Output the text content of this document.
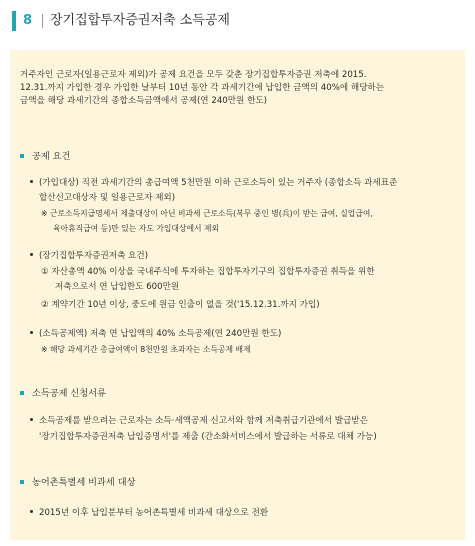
8 장기집합투자증권저축 소득공제
거주자인 근로자(일용근로자 제외)가 공제 요건을 모두 갖춘 장기집합투자증권 저축에 2015.
12.31.까지 가입한 경우 가입한 날부터 10년 동안 각 과세기간에 납입한 금액의 40%에 해당하는
금액을 해당 과세기간의 종합소득금액에서 공제(연 240만원 한도)
공제 요건
(가입대상) 직전 과세기간의 총급여액 5천만원 이하 근로소득이 있는 거주자 (종합소득 과세표준
합산신고대상자 및 일용근로자 제외)
※ 근로소득지급명세서 제출대상이 아닌 비과세 근로소득(복무 중인 병(兵)이 받는 급여, 실업급여,
육아휴직급여 등)만 있는 자도 가입대상에서 제외
(장기집합투자증권저축 요건)
① 자산총액 40% 이상을 국내주식에 투자하는 집합투자기구의 집합투자증권 취득을 위한
저축으로서 연 납입한도 600만원
② 계약기간 10년 이상, 중도에 원금 인출이 없을 것('15.12.31.까지 가입)
(소득공제액) 저축 연 납입액의 40% 소득공제(연 240만원 한도)
※ 해당 과세기간 총급여액이 8천만원 초과자는 소득공제 배제
소득공제 신청서류
소득공제를 받으려는 근로자는 소득·세액공제 신고서와 함께 저축취급기관에서 발급받은
'장기집합투자증권저축 납입증명서'를 제출 (간소화서비스에서 발급하는 서류로 대체 가능)
농어촌특별세 비과세 대상
2015년 이후 납입분부터 농어촌특별세 비과세 대상으로 전환
